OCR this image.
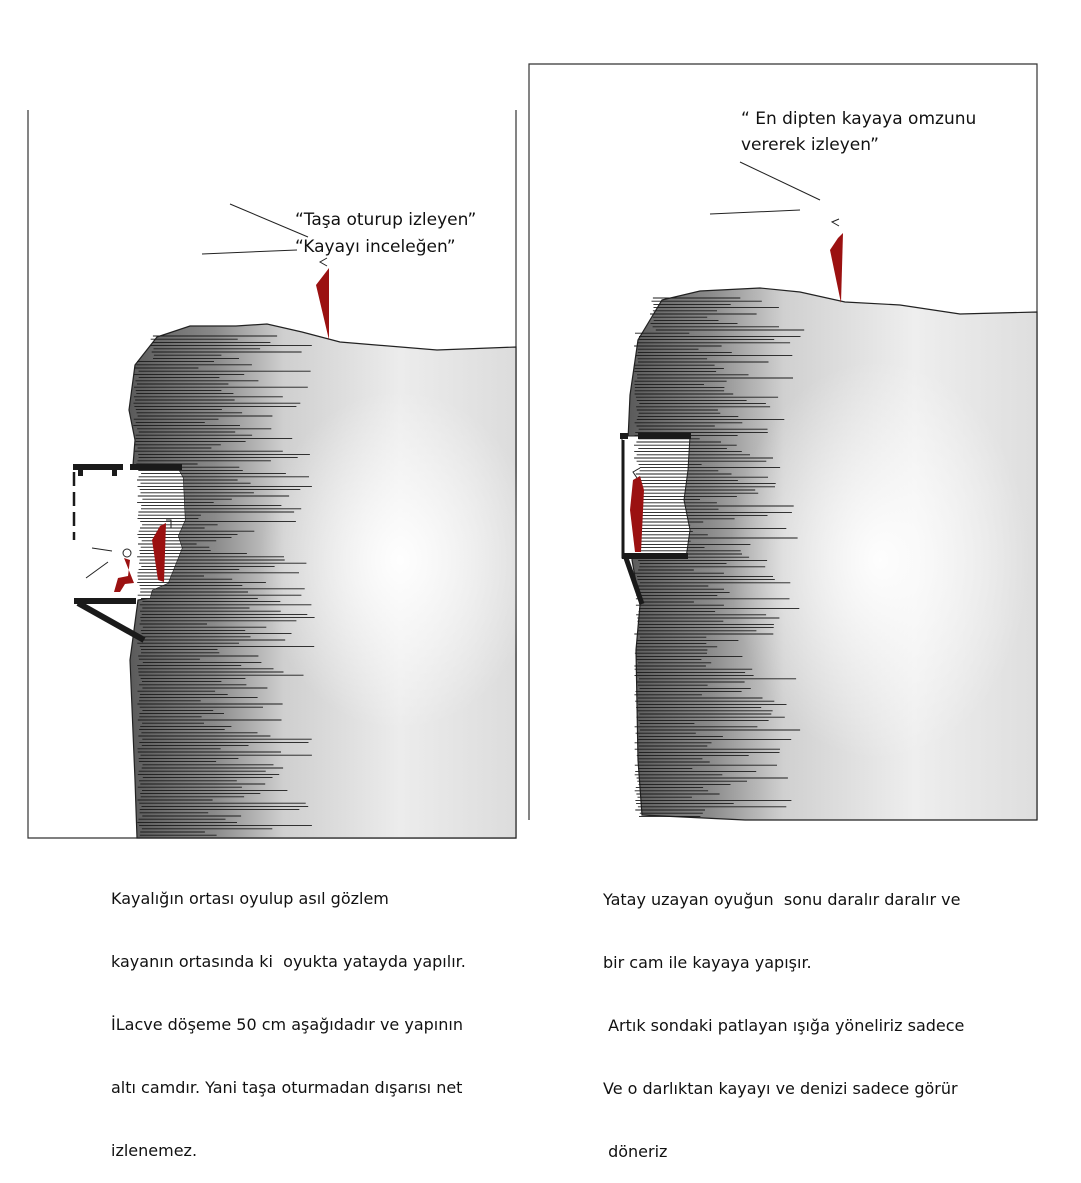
“Taşa oturup izleyen”
“Kayayı inceleğen”
“ En dipten kayaya omzunu
vererek izleyen”

Kayalığın ortası oyulup asıl gözlem

kayanın ortasında ki  oyukta yatayda yapılır.

İLacve döşeme 50 cm aşağıdadır ve yapının

altı camdır. Yani taşa oturmadan dışarısı net

izlenemez.

Yatay uzayan oyuğun  sonu daralır daralır ve

bir cam ile kayaya yapışır.

Artık sondaki patlayan ışığa yöneliriz sadece

Ve o darlıktan kayayı ve denizi sadece görür

döneriz
